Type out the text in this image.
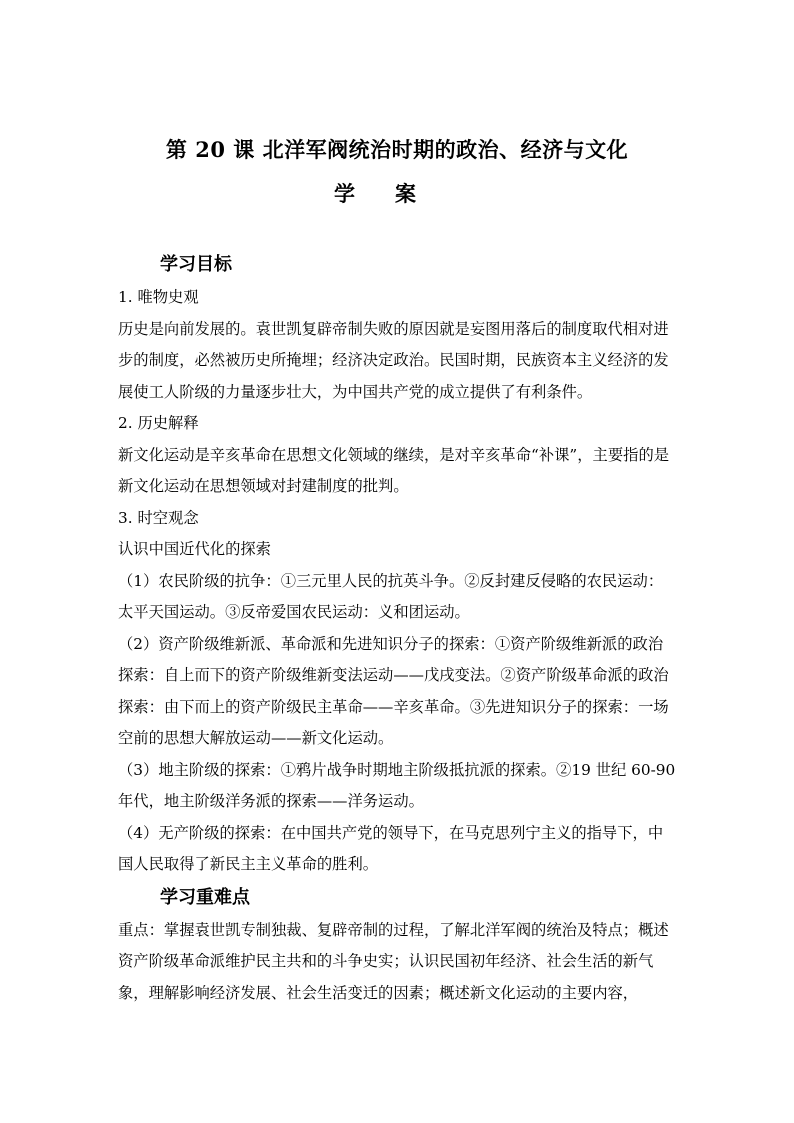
第 20 课 北洋军阀统治时期的政治、经济与文化
学 案

学习目标

1. 唯物史观

历史是向前发展的。袁世凯复辟帝制失败的原因就是妄图用落后的制度取代相对进步的制度，必然被历史所掩埋；经济决定政治。民国时期，民族资本主义经济的发展使工人阶级的力量逐步壮大，为中国共产党的成立提供了有利条件。

2. 历史解释

新文化运动是辛亥革命在思想文化领域的继续，是对辛亥革命“补课”，主要指的是新文化运动在思想领域对封建制度的批判。

3. 时空观念

认识中国近代化的探索

（1）农民阶级的抗争：①三元里人民的抗英斗争。②反封建反侵略的农民运动：太平天国运动。③反帝爱国农民运动：义和团运动。

（2）资产阶级维新派、革命派和先进知识分子的探索：①资产阶级维新派的政治探索：自上而下的资产阶级维新变法运动——戊戌变法。②资产阶级革命派的政治探索：由下而上的资产阶级民主革命——辛亥革命。③先进知识分子的探索：一场空前的思想大解放运动——新文化运动。

（3）地主阶级的探索：①鸦片战争时期地主阶级抵抗派的探索。②19 世纪 60-90 年代，地主阶级洋务派的探索——洋务运动。

（4）无产阶级的探索：在中国共产党的领导下，在马克思列宁主义的指导下，中国人民取得了新民主主义革命的胜利。

学习重难点

重点：掌握袁世凯专制独裁、复辟帝制的过程，了解北洋军阀的统治及特点；概述资产阶级革命派维护民主共和的斗争史实；认识民国初年经济、社会生活的新气象，理解影响经济发展、社会生活变迁的因素；概述新文化运动的主要内容，
